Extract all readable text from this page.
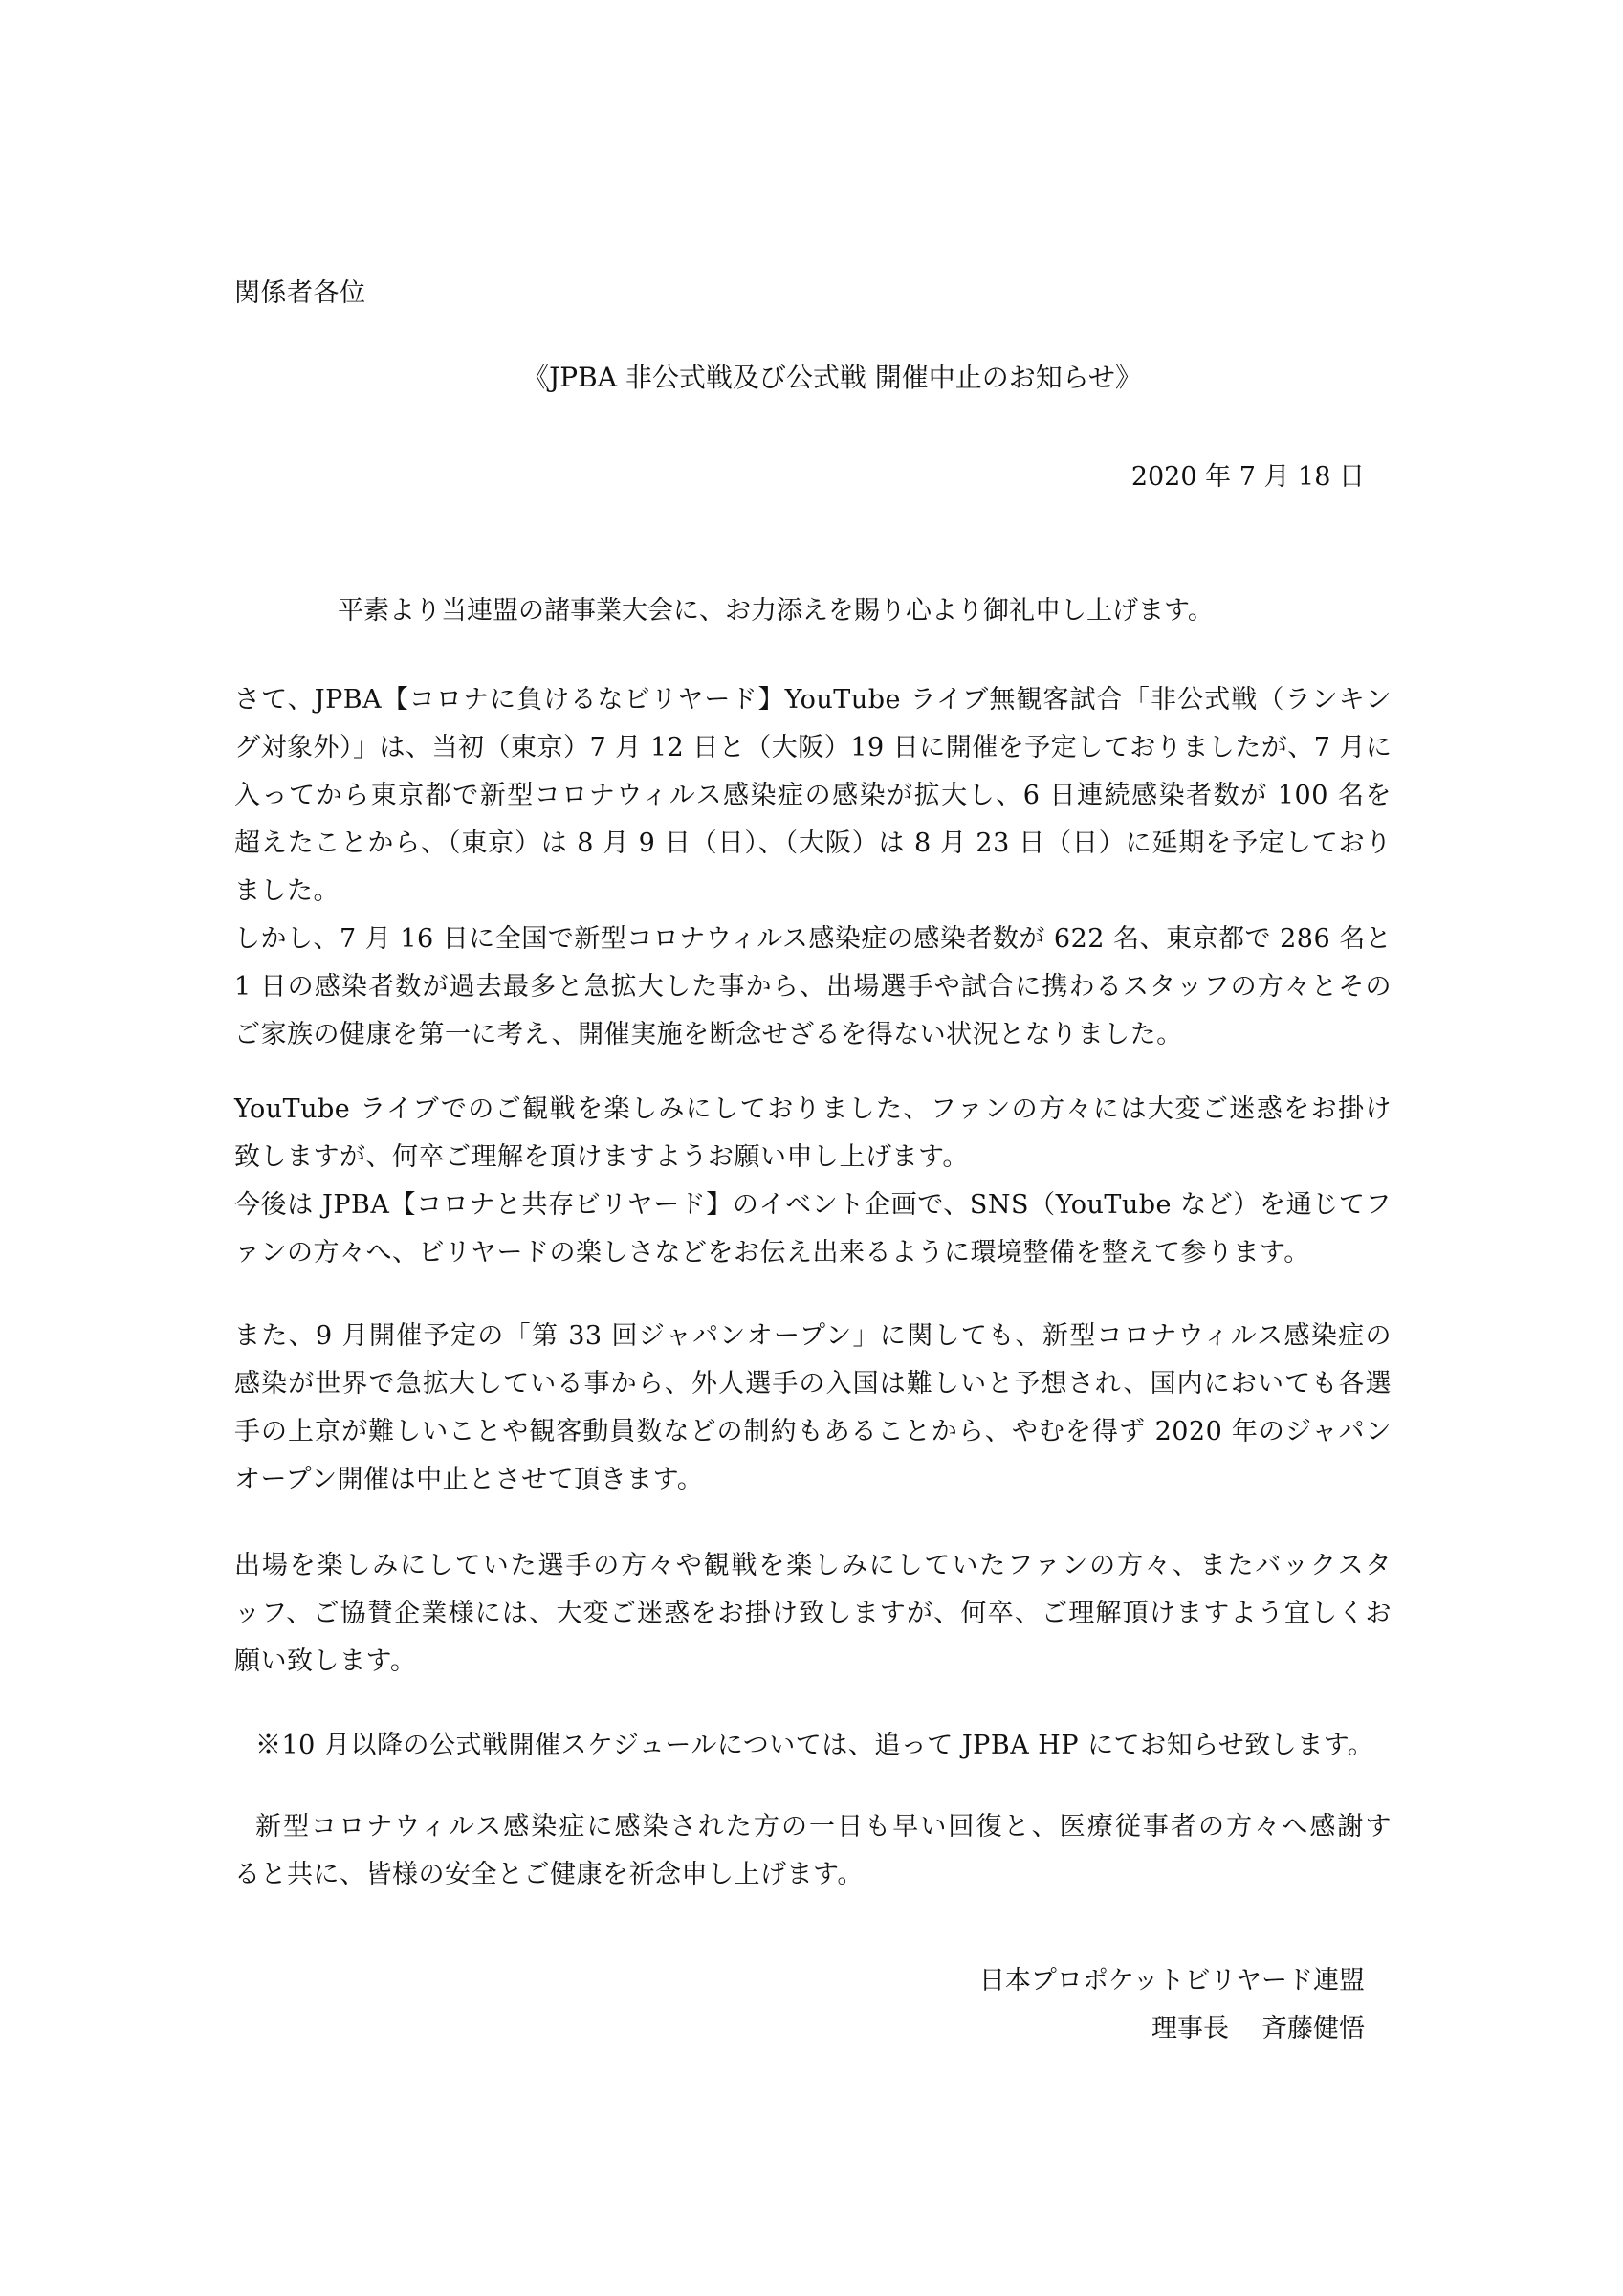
関係者各位
《JPBA 非公式戦及び公式戦 開催中止のお知らせ》
2020 年 7 月 18 日
平素より当連盟の諸事業大会に、お力添えを賜り心より御礼申し上げます。
さて、JPBA【コロナに負けるなビリヤード】YouTube ライブ無観客試合「非公式戦（ランキン
グ対象外）」は、当初（東京）7 月 12 日と（大阪）19 日に開催を予定しておりましたが、7 月に
入ってから東京都で新型コロナウィルス感染症の感染が拡大し、6 日連続感染者数が 100 名を
超えたことから、（東京）は 8 月 9 日（日）、（大阪）は 8 月 23 日（日）に延期を予定しており
ました。
しかし、7 月 16 日に全国で新型コロナウィルス感染症の感染者数が 622 名、東京都で 286 名と
1 日の感染者数が過去最多と急拡大した事から、出場選手や試合に携わるスタッフの方々とその
ご家族の健康を第一に考え、開催実施を断念せざるを得ない状況となりました。
YouTube ライブでのご観戦を楽しみにしておりました、ファンの方々には大変ご迷惑をお掛け
致しますが、何卒ご理解を頂けますようお願い申し上げます。
今後は JPBA【コロナと共存ビリヤード】のイベント企画で、SNS（YouTube など）を通じてフ
ァンの方々へ、ビリヤードの楽しさなどをお伝え出来るように環境整備を整えて参ります。
また、9 月開催予定の「第 33 回ジャパンオープン」に関しても、新型コロナウィルス感染症の
感染が世界で急拡大している事から、外人選手の入国は難しいと予想され、国内においても各選
手の上京が難しいことや観客動員数などの制約もあることから、やむを得ず 2020 年のジャパン
オープン開催は中止とさせて頂きます。
出場を楽しみにしていた選手の方々や観戦を楽しみにしていたファンの方々、またバックスタ
ッフ、ご協賛企業様には、大変ご迷惑をお掛け致しますが、何卒、ご理解頂けますよう宜しくお
願い致します。
※10 月以降の公式戦開催スケジュールについては、追って JPBA HP にてお知らせ致します。
新型コロナウィルス感染症に感染された方の一日も早い回復と、医療従事者の方々へ感謝す
ると共に、皆様の安全とご健康を祈念申し上げます。
日本プロポケットビリヤード連盟
理事長 斉藤健悟
